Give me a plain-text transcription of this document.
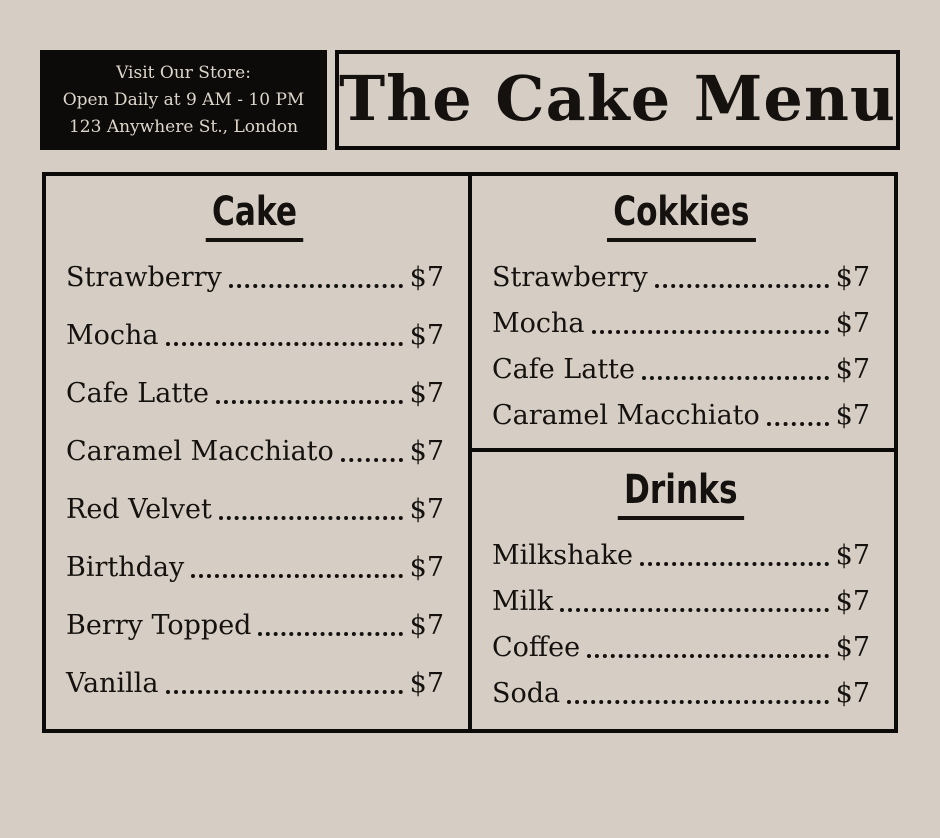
Visit Our Store:
Open Daily at 9 AM - 10 PM
123 Anywhere St., London The Cake Menu
Cake
Strawberry	$7
Mocha	$7
Cafe Latte	$7
Caramel Macchiato	$7
Red Velvet	$7
Birthday	$7
Berry Topped	$7
Vanilla	$7
Cokkies
Strawberry	$7
Mocha	$7
Cafe Latte	$7
Caramel Macchiato	$7
Drinks
Milkshake	$7
Milk	$7
Coffee	$7
Soda	$7
